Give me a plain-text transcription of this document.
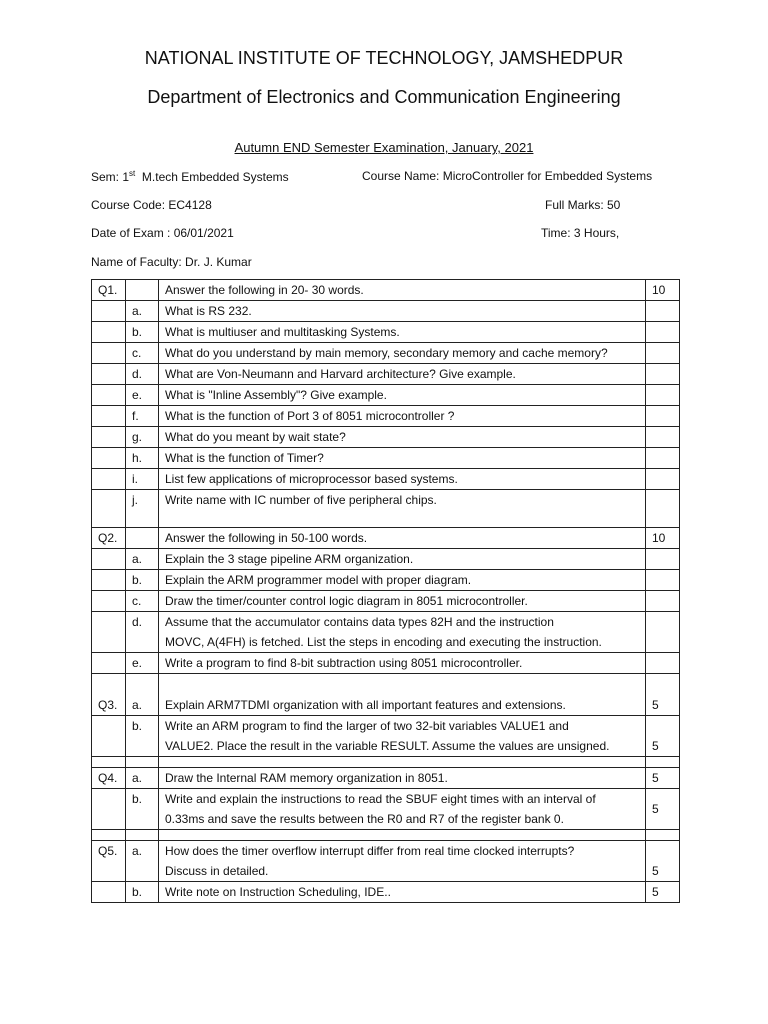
NATIONAL INSTITUTE OF TECHNOLOGY, JAMSHEDPUR
Department of Electronics and Communication Engineering
Autumn END Semester Examination, January, 2021
Sem: 1st M.tech Embedded Systems	Course Name: MicroController for Embedded Systems
Course Code: EC4128	Full Marks: 50
Date of Exam : 06/01/2021	Time: 3 Hours,
Name of Faculty: Dr. J. Kumar
Q1.		Answer the following in 20- 30 words.	10
	a.	What is RS 232.	
	b.	What is multiuser and multitasking Systems.	
	c.	What do you understand by main memory, secondary memory and cache memory?	
	d.	What are Von-Neumann and Harvard architecture? Give example.	
	e.	What is "Inline Assembly"? Give example.	
	f.	What is the function of Port 3 of 8051 microcontroller ?	
	g.	What do you meant by wait state?	
	h.	What is the function of Timer?	
	i.	List few applications of microprocessor based systems.	
	j.	Write name with IC number of five peripheral chips.	
Q2.		Answer the following in 50-100 words.	10
	a.	Explain the 3 stage pipeline ARM organization.	
	b.	Explain the ARM programmer model with proper diagram.	
	c.	Draw the timer/counter control logic diagram in 8051 microcontroller.	
	d.	Assume that the accumulator contains data types 82H and the instruction
MOVC, A(4FH) is fetched. List the steps in encoding and executing the instruction.	

	e.	Write a program to find 8-bit subtraction using 8051 microcontroller.	
Q3.	a.	Explain ARM7TDMI organization with all important features and extensions.	5
	b.	Write an ARM program to find the larger of two 32-bit variables VALUE1 and
VALUE2. Place the result in the variable RESULT. Assume the values are unsigned.	5

Q4.	a.	Draw the Internal RAM memory organization in 8051.	5
	b.	Write and explain the instructions to read the SBUF eight times with an interval of
0.33ms and save the results between the R0 and R7 of the register bank 0.	5

Q5.	a.	How does the timer overflow interrupt differ from real time clocked interrupts?
Discuss in detailed.	5
	b.	Write note on Instruction Scheduling, IDE..	5
